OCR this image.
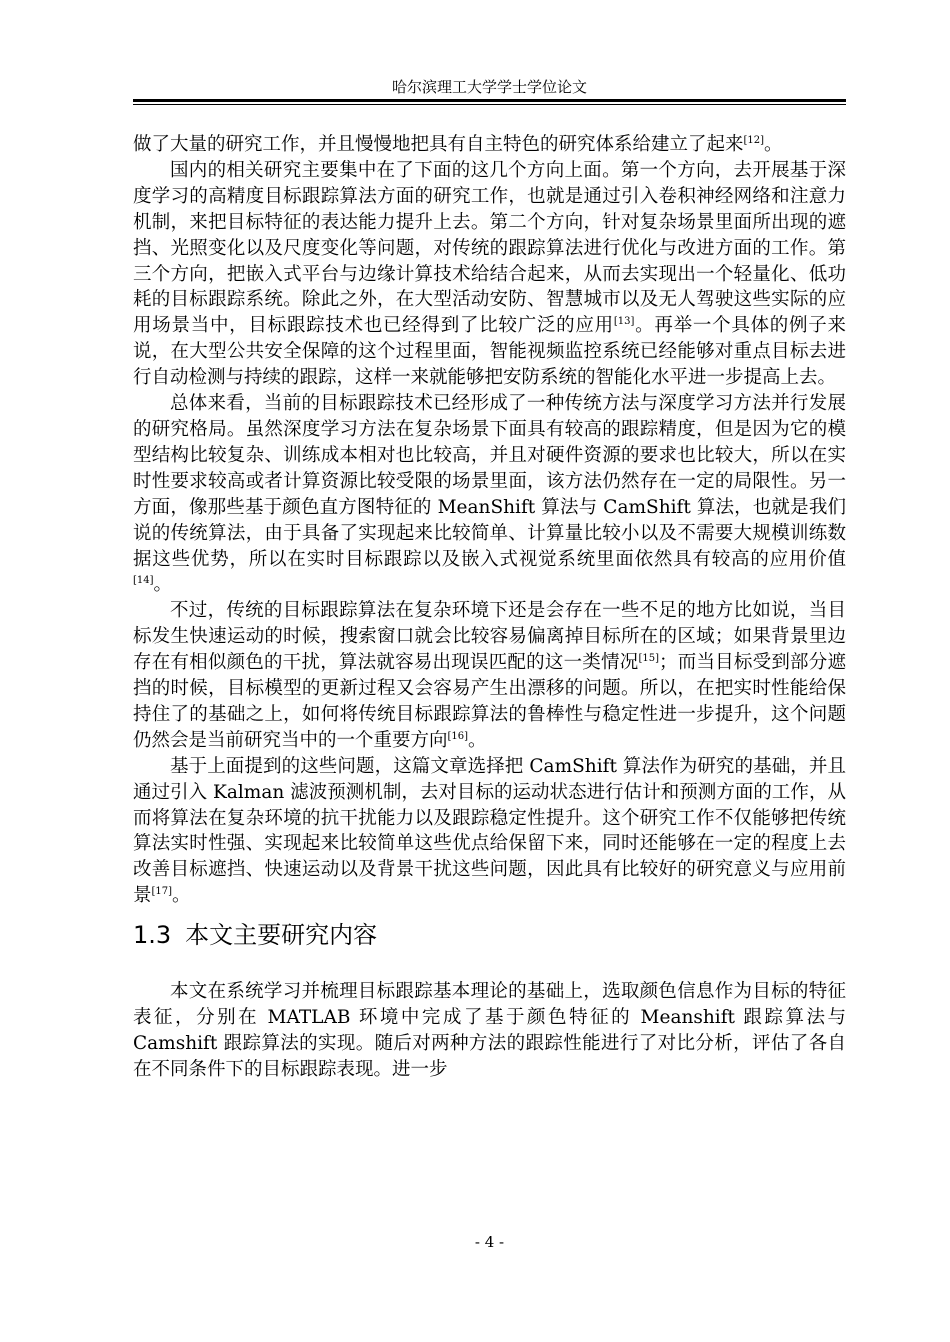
哈尔滨理工大学学士学位论文

做了大量的研究工作，并且慢慢地把具有自主特色的研究体系给建立了起来[12]。

国内的相关研究主要集中在了下面的这几个方向上面。第一个方向，去开展基于深度学习的高精度目标跟踪算法方面的研究工作，也就是通过引入卷积神经网络和注意力机制，来把目标特征的表达能力提升上去。第二个方向，针对复杂场景里面所出现的遮挡、光照变化以及尺度变化等问题，对传统的跟踪算法进行优化与改进方面的工作。第三个方向，把嵌入式平台与边缘计算技术给结合起来，从而去实现出一个轻量化、低功耗的目标跟踪系统。除此之外，在大型活动安防、智慧城市以及无人驾驶这些实际的应用场景当中，目标跟踪技术也已经得到了比较广泛的应用[13]。再举一个具体的例子来说，在大型公共安全保障的这个过程里面，智能视频监控系统已经能够对重点目标去进行自动检测与持续的跟踪，这样一来就能够把安防系统的智能化水平进一步提高上去。

总体来看，当前的目标跟踪技术已经形成了一种传统方法与深度学习方法并行发展的研究格局。虽然深度学习方法在复杂场景下面具有较高的跟踪精度，但是因为它的模型结构比较复杂、训练成本相对也比较高，并且对硬件资源的要求也比较大，所以在实时性要求较高或者计算资源比较受限的场景里面，该方法仍然存在一定的局限性。另一方面，像那些基于颜色直方图特征的 MeanShift 算法与 CamShift 算法，也就是我们说的传统算法，由于具备了实现起来比较简单、计算量比较小以及不需要大规模训练数据这些优势，所以在实时目标跟踪以及嵌入式视觉系统里面依然具有较高的应用价值[14]。

不过，传统的目标跟踪算法在复杂环境下还是会存在一些不足的地方比如说，当目标发生快速运动的时候，搜索窗口就会比较容易偏离掉目标所在的区域；如果背景里边存在有相似颜色的干扰，算法就容易出现误匹配的这一类情况[15]；而当目标受到部分遮挡的时候，目标模型的更新过程又会容易产生出漂移的问题。所以，在把实时性能给保持住了的基础之上，如何将传统目标跟踪算法的鲁棒性与稳定性进一步提升，这个问题仍然会是当前研究当中的一个重要方向[16]。

基于上面提到的这些问题，这篇文章选择把 CamShift 算法作为研究的基础，并且通过引入 Kalman 滤波预测机制，去对目标的运动状态进行估计和预测方面的工作，从而将算法在复杂环境的抗干扰能力以及跟踪稳定性提升。这个研究工作不仅能够把传统算法实时性强、实现起来比较简单这些优点给保留下来，同时还能够在一定的程度上去改善目标遮挡、快速运动以及背景干扰这些问题，因此具有比较好的研究意义与应用前景[17]。

1.3 本文主要研究内容

本文在系统学习并梳理目标跟踪基本理论的基础上，选取颜色信息作为目标的特征表征，分别在 MATLAB 环境中完成了基于颜色特征的 Meanshift 跟踪算法与 Camshift 跟踪算法的实现。随后对两种方法的跟踪性能进行了对比分析，评估了各自在不同条件下的目标跟踪表现。进一步

- 4 -
